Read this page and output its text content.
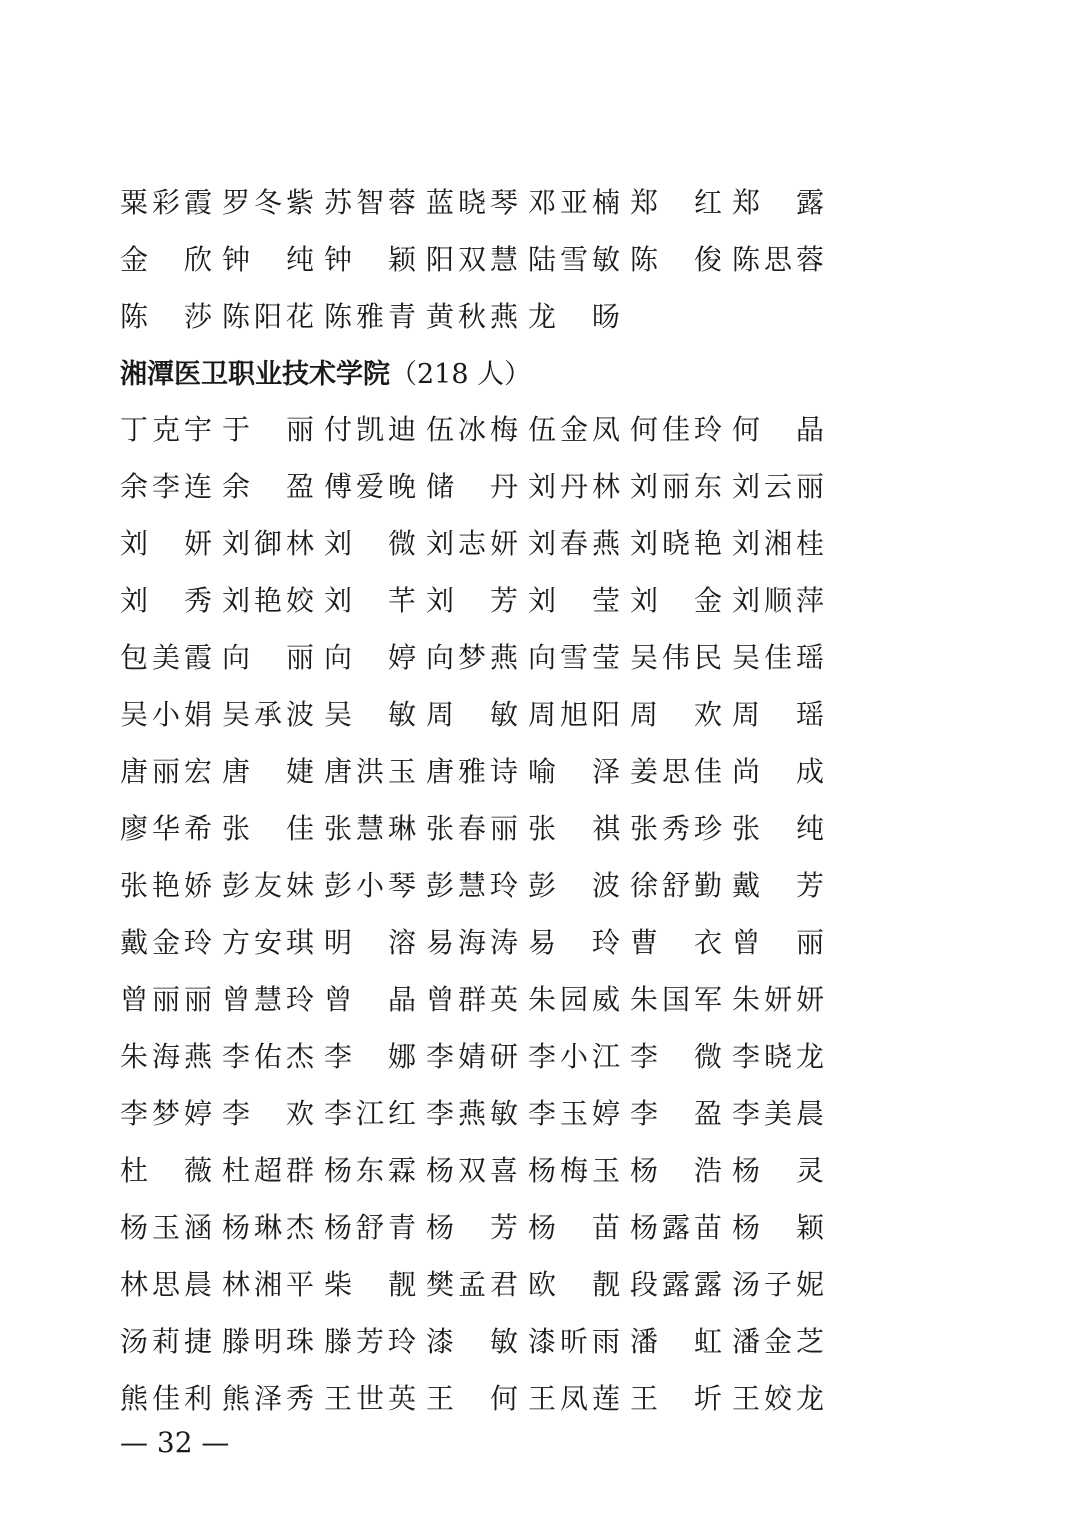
粟 彩 霞 罗 冬 紫 苏 智 蓉 蓝 晓 琴 邓 亚 楠 郑
　 红 郑
　 露
金
　 欣 钟
　 纯 钟
　 颖 阳 双 慧 陆 雪 敏 陈
　 俊 陈 思 蓉
陈
　 莎 陈 阳 花 陈 雅 青 黄 秋 燕 龙
　 旸
湘潭医卫职业技术学院（218 人）
丁 克 宇 于
　 丽 付 凯 迪 伍 冰 梅 伍 金 凤 何 佳 玲 何
　 晶
余 李 连 余
　 盈 傅 爱 晚 储
　 丹 刘 丹 林 刘 丽 东 刘 云 丽
刘
　 妍 刘 御 林 刘
　 微 刘 志 妍 刘 春 燕 刘 晓 艳 刘 湘 桂
刘
　 秀 刘 艳 姣 刘
　 芊 刘
　 芳 刘
　 莹 刘
　 金 刘 顺 萍
包 美 霞 向
　 丽 向
　 婷 向 梦 燕 向 雪 莹 吴 伟 民 吴 佳 瑶
吴 小 娟 吴 承 波 吴
　 敏 周
　 敏 周 旭 阳 周
　 欢 周
　 瑶
唐 丽 宏 唐
　 婕 唐 洪 玉 唐 雅 诗 喻
　 泽 姜 思 佳 尚
　 成
廖 华 希 张
　 佳 张 慧 琳 张 春 丽 张
　 祺 张 秀 珍 张
　 纯
张 艳 娇 彭 友 妹 彭 小 琴 彭 慧 玲 彭
　 波 徐 舒 勤 戴
　 芳
戴 金 玲 方 安 琪 明
　 溶 易 海 涛 易
　 玲 曹
　 衣 曾
　 丽
曾 丽 丽 曾 慧 玲 曾
　 晶 曾 群 英 朱 园 威 朱 国 军 朱 妍 妍
朱 海 燕 李 佑 杰 李
　 娜 李 婧 研 李 小 江 李
　 微 李 晓 龙
李 梦 婷 李
　 欢 李 江 红 李 燕 敏 李 玉 婷 李
　 盈 李 美 晨
杜
　 薇 杜 超 群 杨 东 霖 杨 双 喜 杨 梅 玉 杨
　 浩 杨
　 灵
杨 玉 涵 杨 琳 杰 杨 舒 青 杨
　 芳 杨
　 苗 杨 露 苗 杨
　 颖
林 思 晨 林 湘 平 柴
　 靓 樊 孟 君 欧
　 靓 段 露 露 汤 子 妮
汤 莉 捷 滕 明 珠 滕 芳 玲 漆
　 敏 漆 昕 雨 潘
　 虹 潘 金 芝
熊 佳 利 熊 泽 秀 王 世 英 王
　 何 王 凤 莲 王
　 圻 王 姣 龙
— 32 —
